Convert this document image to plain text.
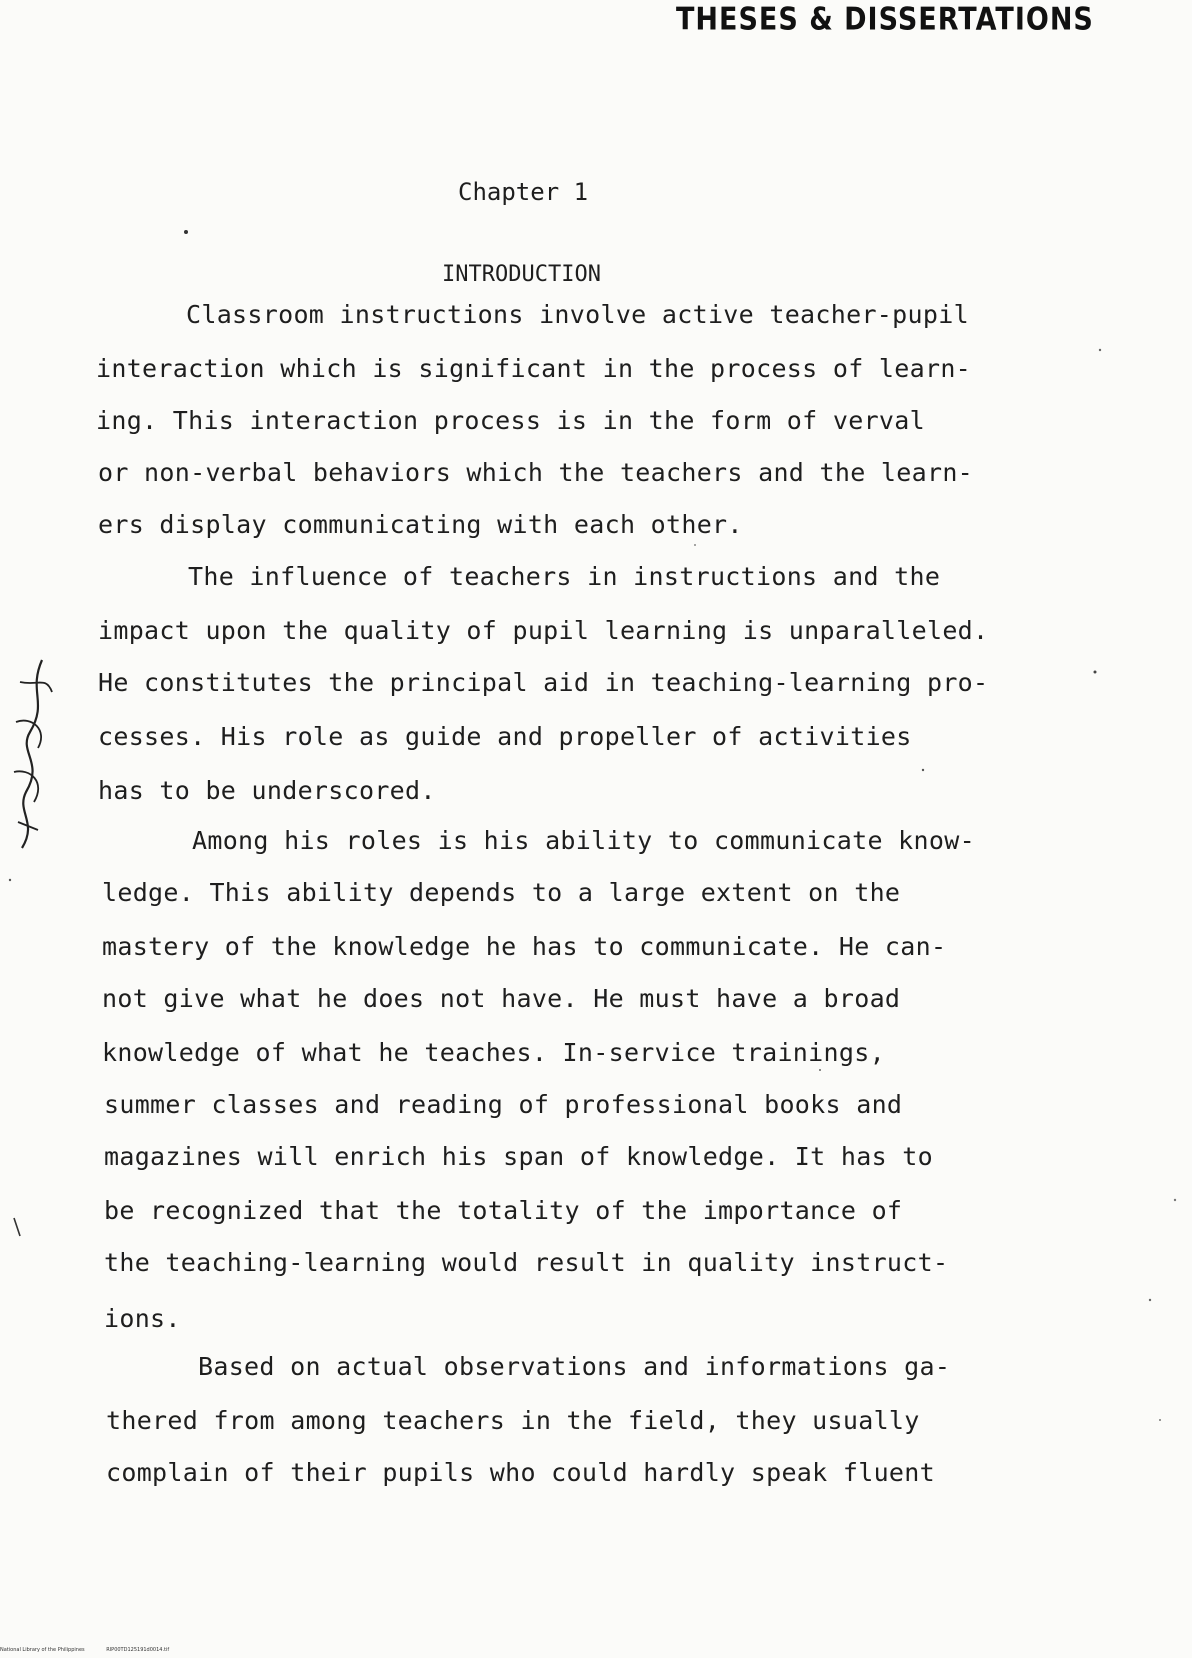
THESES & DISSERTATIONS
Chapter 1
INTRODUCTION
Classroom instructions involve active teacher-pupil
interaction which is significant in the process of learn-
ing. This interaction process is in the form of verval
or non-verbal behaviors which the teachers and the learn-
ers display communicating with each other.
The influence of teachers in instructions and the
impact upon the quality of pupil learning is unparalleled.
He constitutes the principal aid in teaching-learning pro-
cesses. His role as guide and propeller of activities
has to be underscored.
Among his roles is his ability to communicate know-
ledge. This ability depends to a large extent on the
mastery of the knowledge he has to communicate. He can-
not give what he does not have. He must have a broad
knowledge of what he teaches. In-service trainings,
summer classes and reading of professional books and
magazines will enrich his span of knowledge. It has to
be recognized that the totality of the importance of
the teaching-learning would result in quality instruct-
ions.
Based on actual observations and informations ga-
thered from among teachers in the field, they usually
complain of their pupils who could hardly speak fluent
National Library of the Philippines	RIP00TD125191d0014.tif
